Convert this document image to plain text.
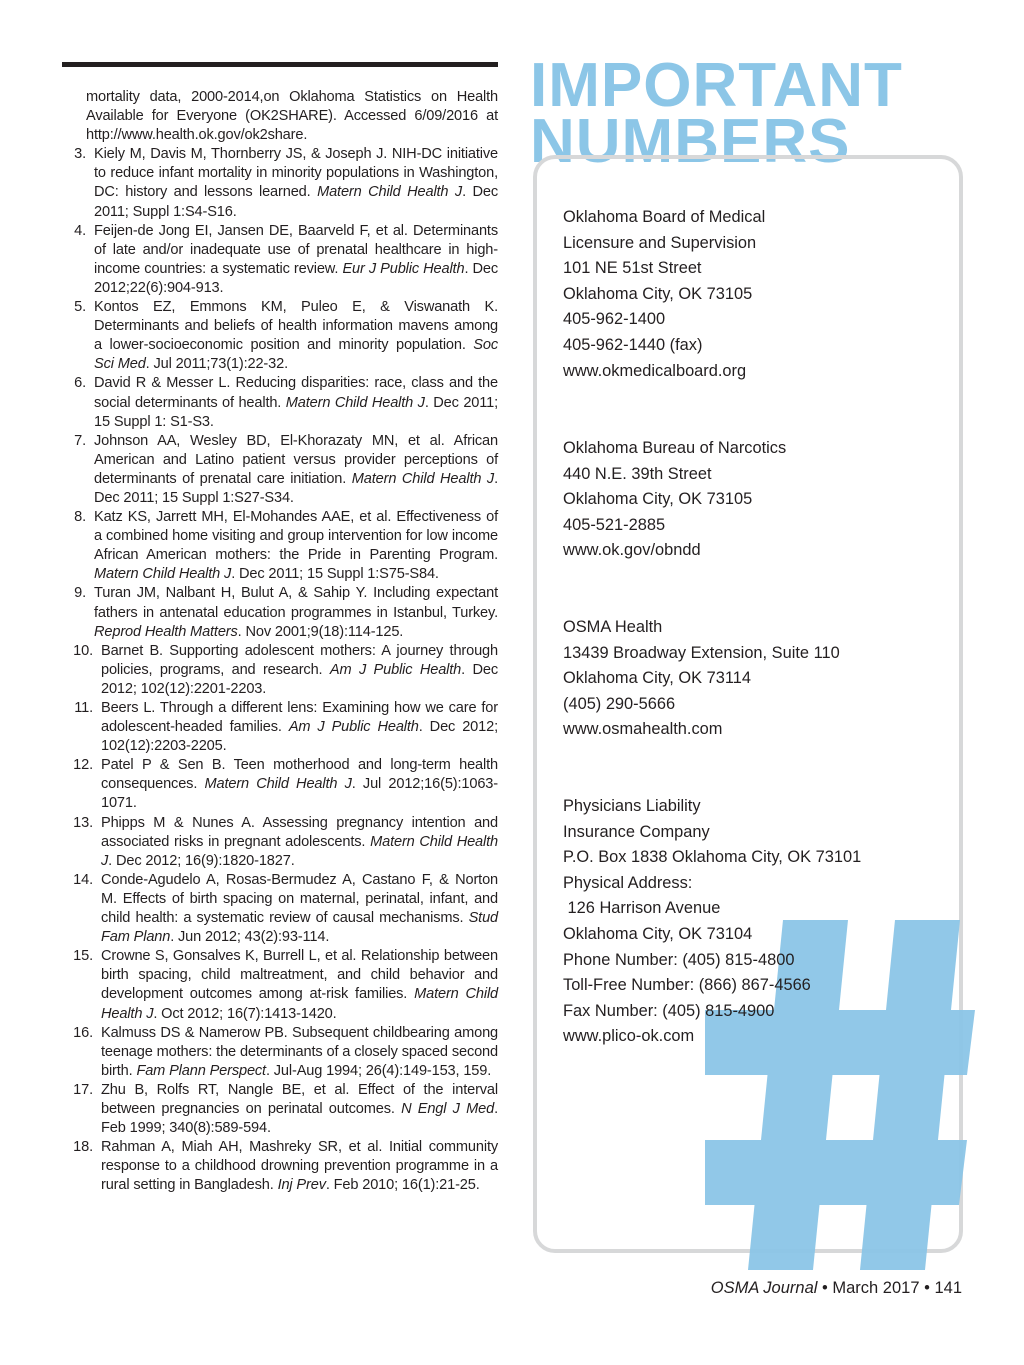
mortality data, 2000-2014,on Oklahoma Statistics on Health Available for Everyone (OK2SHARE). Accessed 6/09/2016 at http://www.health.ok.gov/ok2share.

3. Kiely M, Davis M, Thornberry JS, & Joseph J. NIH-DC initiative to reduce infant mortality in minority populations in Washington, DC: history and lessons learned. Matern Child Health J. Dec 2011; Suppl 1:S4-S16.
4. Feijen-de Jong EI, Jansen DE, Baarveld F, et al. Determinants of late and/or inadequate use of prenatal healthcare in high-income countries: a systematic review. Eur J Public Health. Dec 2012;22(6):904-913.
5. Kontos EZ, Emmons KM, Puleo E, & Viswanath K. Determinants and beliefs of health information mavens among a lower-socioeconomic position and minority population. Soc Sci Med. Jul 2011;73(1):22-32.
6. David R & Messer L. Reducing disparities: race, class and the social determinants of health. Matern Child Health J. Dec 2011; 15 Suppl 1: S1-S3.
7. Johnson AA, Wesley BD, El-Khorazaty MN, et al. African American and Latino patient versus provider perceptions of determinants of prenatal care initiation. Matern Child Health J. Dec 2011; 15 Suppl 1:S27-S34.
8. Katz KS, Jarrett MH, El-Mohandes AAE, et al. Effectiveness of a combined home visiting and group intervention for low income African American mothers: the Pride in Parenting Program. Matern Child Health J. Dec 2011; 15 Suppl 1:S75-S84.
9. Turan JM, Nalbant H, Bulut A, & Sahip Y. Including expectant fathers in antenatal education programmes in Istanbul, Turkey. Reprod Health Matters. Nov 2001;9(18):114-125.
10. Barnet B. Supporting adolescent mothers: A journey through policies, programs, and research. Am J Public Health. Dec 2012; 102(12):2201-2203.
11. Beers L. Through a different lens: Examining how we care for adolescent-headed families. Am J Public Health. Dec 2012; 102(12):2203-2205.
12. Patel P & Sen B. Teen motherhood and long-term health consequences. Matern Child Health J. Jul 2012;16(5):1063-1071.
13. Phipps M & Nunes A. Assessing pregnancy intention and associated risks in pregnant adolescents. Matern Child Health J. Dec 2012; 16(9):1820-1827.
14. Conde-Agudelo A, Rosas-Bermudez A, Castano F, & Norton M. Effects of birth spacing on maternal, perinatal, infant, and child health: a systematic review of causal mechanisms. Stud Fam Plann. Jun 2012; 43(2):93-114.
15. Crowne S, Gonsalves K, Burrell L, et al. Relationship between birth spacing, child maltreatment, and child behavior and development outcomes among at-risk families. Matern Child Health J. Oct 2012; 16(7):1413-1420.
16. Kalmuss DS & Namerow PB. Subsequent childbearing among teenage mothers: the determinants of a closely spaced second birth. Fam Plann Perspect. Jul-Aug 1994; 26(4):149-153, 159.
17. Zhu B, Rolfs RT, Nangle BE, et al. Effect of the interval between pregnancies on perinatal outcomes. N Engl J Med. Feb 1999; 340(8):589-594.
18. Rahman A, Miah AH, Mashreky SR, et al. Initial community response to a childhood drowning prevention programme in a rural setting in Bangladesh. Inj Prev. Feb 2010; 16(1):21-25.
IMPORTANT
NUMBERS
Oklahoma Board of Medical
Licensure and Supervision
101 NE 51st Street
Oklahoma City, OK 73105
405-962-1400
405-962-1440 (fax)
www.okmedicalboard.org
Oklahoma Bureau of Narcotics
440 N.E. 39th Street
Oklahoma City, OK 73105
405-521-2885
www.ok.gov/obndd
OSMA Health
13439 Broadway Extension, Suite 110
Oklahoma City, OK 73114
(405) 290-5666
www.osmahealth.com
Physicians Liability
Insurance Company
P.O. Box 1838 Oklahoma City, OK 73101
Physical Address:
126 Harrison Avenue
Oklahoma City, OK 73104
Phone Number: (405) 815-4800
Toll-Free Number: (866) 867-4566
Fax Number: (405) 815-4900
www.plico-ok.com
OSMA Journal • March 2017 • 141
